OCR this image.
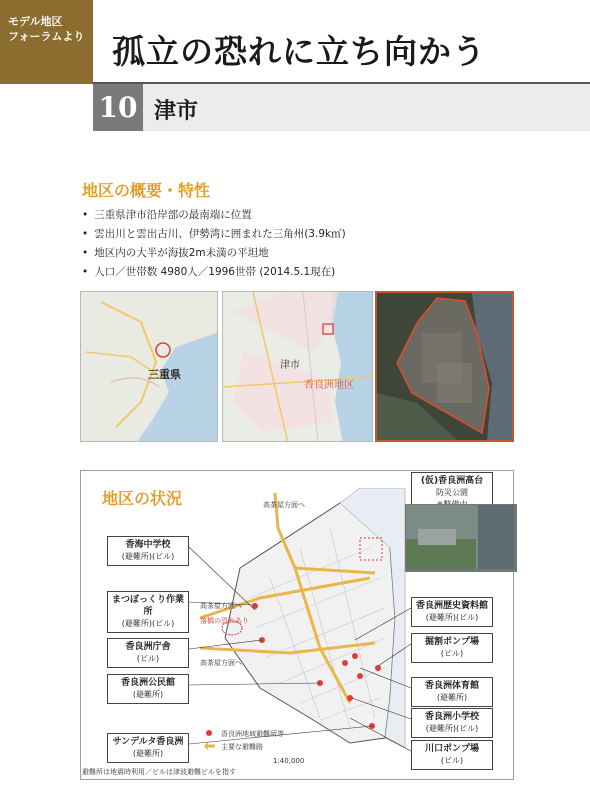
モデル地区
フォーラムより 孤立の恐れに立ち向かう
10 津市
地区の概要・特性
• 三重県津市沿岸部の最南端に位置
• 雲出川と雲出古川、伊勢湾に囲まれた三角州(3.9k㎡)
• 地区内の大半が海抜2m未満の平坦地
• 人口／世帯数 4980人／1996世帯 (2014.5.1現在)
三重県
津市
香良洲地区
地区の状況	高茶屋方面へ
高茶屋方面へ
高茶屋方面へ
落橋の恐れあり
香海中学校
(避難所)(ビル)
まつぼっくり作業所
(避難所)(ビル)
香良洲庁舎
(ビル)
香良洲公民館
(避難所)
サンデルタ香良洲
(避難所)
(仮)香良洲高台
防災公園

香良洲歴史資料館
(避難所)(ビル)
掘割ポンプ場
(ビル)
香良洲体育館
(避難所)
香良洲小学校
(避難所)(ビル)
川口ポンプ場
(ビル)
香良洲地域避難所等
主要な避難路
1:40,000
避難所は地震時利用／ビルは津波避難ビルを指す
